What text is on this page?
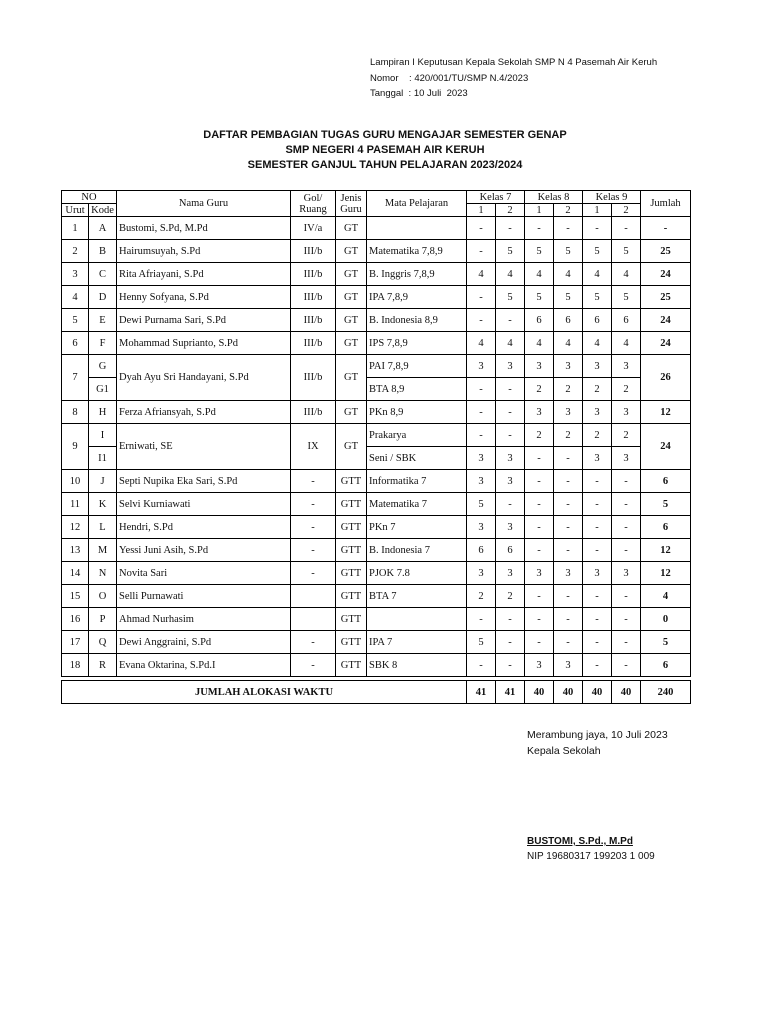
Lampiran I Keputusan Kepala Sekolah SMP N 4 Pasemah Air Keruh
Nomor    : 420/001/TU/SMP N.4/2023
Tanggal  : 10 Juli  2023
DAFTAR PEMBAGIAN TUGAS GURU MENGAJAR SEMESTER GENAP
SMP NEGERI 4 PASEMAH AIR KERUH
SEMESTER GANJUL TAHUN PELAJARAN 2023/2024
NO		Nama Guru	Gol/ Ruang	Jenis Guru	Mata Pelajaran	Kelas 7		Kelas 8		Kelas 9		Jumlah
Urut	Kode					1	2	1	2	1	2	
1	A	Bustomi, S.Pd, M.Pd	IV/a	GT		-	-	-	-	-	-	-
2	B	Hairumsuyah, S.Pd	III/b	GT	Matematika 7,8,9	-	5	5	5	5	5	25
3	C	Rita Afriayani, S.Pd	III/b	GT	B. Inggris 7,8,9	4	4	4	4	4	4	24
4	D	Henny Sofyana, S.Pd	III/b	GT	IPA 7,8,9	-	5	5	5	5	5	25
5	E	Dewi Purnama Sari, S.Pd	III/b	GT	B. Indonesia 8,9	-	-	6	6	6	6	24
6	F	Mohammad Suprianto, S.Pd	III/b	GT	IPS 7,8,9	4	4	4	4	4	4	24
7	G	Dyah Ayu Sri Handayani, S.Pd	III/b	GT	PAI 7,8,9	3	3	3	3	3	3	26
	G1				BTA 8,9	-	-	2	2	2	2	
8	H	Ferza Afriansyah, S.Pd	III/b	GT	PKn 8,9	-	-	3	3	3	3	12
9	I	Erniwati, SE	IX	GT	Prakarya	-	-	2	2	2	2	24
	I1				Seni / SBK	3	3	-	-	3	3	
10	J	Septi Nupika Eka Sari, S.Pd	-	GTT	Informatika 7	3	3	-	-	-	-	6
11	K	Selvi Kurniawati	-	GTT	Matematika 7	5	-	-	-	-	-	5
12	L	Hendri, S.Pd	-	GTT	PKn 7	3	3	-	-	-	-	6
13	M	Yessi Juni Asih, S.Pd	-	GTT	B. Indonesia 7	6	6	-	-	-	-	12
14	N	Novita Sari	-	GTT	PJOK 7.8	3	3	3	3	3	3	12
15	O	Selli Purnawati		GTT	BTA 7	2	2	-	-	-	-	4
16	P	Ahmad Nurhasim		GTT		-	-	-	-	-	-	0
17	Q	Dewi Anggraini, S.Pd	-	GTT	IPA 7	5	-	-	-	-	-	5
18	R	Evana Oktarina, S.Pd.I	-	GTT	SBK 8	-	-	3	3	-	-	6

JUMLAH ALOKASI WAKTU						41	41	40	40	40	40	240
Merambung jaya, 10 Juli 2023
Kepala Sekolah
BUSTOMI, S.Pd., M.Pd
NIP 19680317 199203 1 009
